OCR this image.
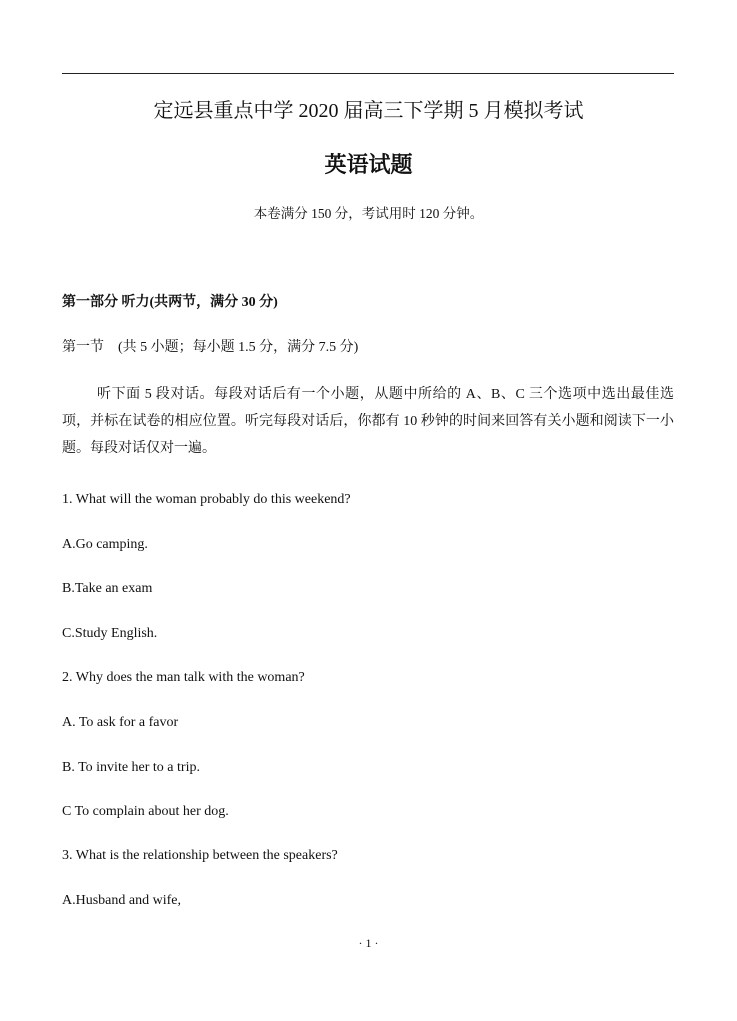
定远县重点中学 2020 届高三下学期 5 月模拟考试
英语试题
本卷满分 150 分，考试用时 120 分钟。
第一部分 听力(共两节，满分 30 分)
第一节　(共 5 小题；每小题 1.5 分，满分 7.5 分)
听下面 5 段对话。每段对话后有一个小题，从题中所给的 A、B、C 三个选项中选出最佳选项，并标在试卷的相应位置。听完每段对话后，你都有 10 秒钟的时间来回答有关小题和阅读下一小题。每段对话仅对一遍。
1. What will the woman probably do this weekend?
A.Go camping.
B.Take an exam
C.Study English.
2. Why does the man talk with the woman?
A. To ask for a favor
B. To invite her to a trip.
C To complain about her dog.
3. What is the relationship between the speakers?
A.Husband and wife,
· 1 ·
